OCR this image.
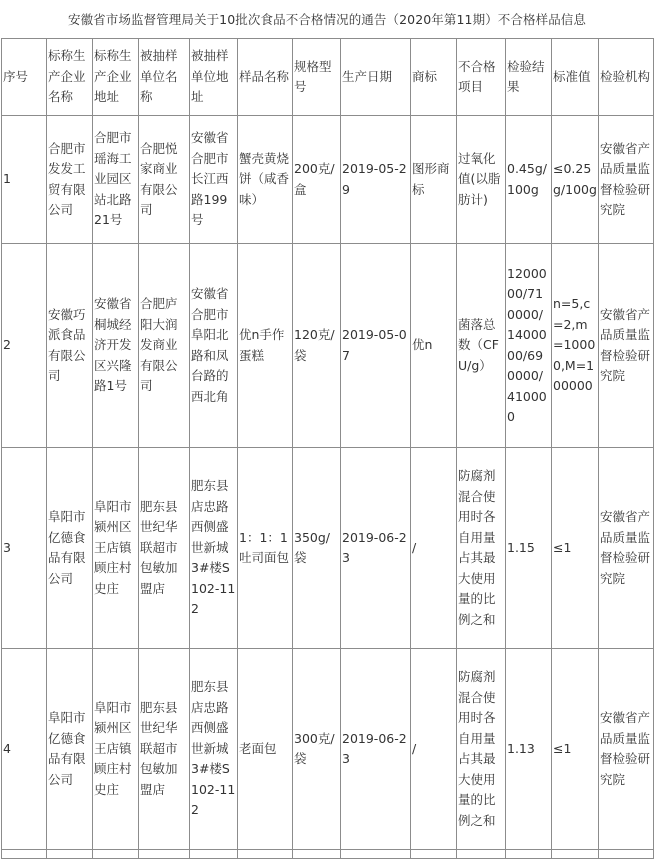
安徽省市场监督管理局关于10批次食品不合格情况的通告（2020年第11期）不合格样品信息
序号	标称生产企业名称	标称生产企业地址	被抽样单位名称	被抽样单位地址	样品名称	规格型号	生产日期	商标	不合格项目	检验结果	标准值	检验机构
1	合肥市发发工贸有限公司	合肥市瑶海工业园区站北路21号	合肥悦家商业有限公司	安徽省合肥市长江西路199号	蟹壳黄烧饼（咸香味）	200克/盒	2019-05-29	图形商标	过氧化值(以脂肪计)	0.45g/100g	≤0.25g/100g	安徽省产品质量监督检验研究院
2	安徽巧派食品有限公司	安徽省桐城经济开发区兴隆路1号	合肥庐阳大润发商业有限公司	安徽省合肥市阜阳北路和凤台路的西北角	优n手作蛋糕	120克/袋	2019-05-07	优n	菌落总数（CFU/g）	1200000/710000/1400000/690000/410000	n=5,c=2,m=10000,M=100000	安徽省产品质量监督检验研究院
3	阜阳市亿德食品有限公司	阜阳市颍州区王店镇顾庄村史庄	肥东县世纪华联超市包敏加盟店	肥东县店忠路西侧盛世新城3#楼S102-112	1：1：1吐司面包	350g/袋	2019-06-23	/	防腐剂混合使用时各自用量占其最大使用量的比例之和	1.15	≤1	安徽省产品质量监督检验研究院
4	阜阳市亿德食品有限公司	阜阳市颍州区王店镇顾庄村史庄	肥东县世纪华联超市包敏加盟店	肥东县店忠路西侧盛世新城3#楼S102-112	老面包	300克/袋	2019-06-23	/	防腐剂混合使用时各自用量占其最大使用量的比例之和	1.13	≤1	安徽省产品质量监督检验研究院
